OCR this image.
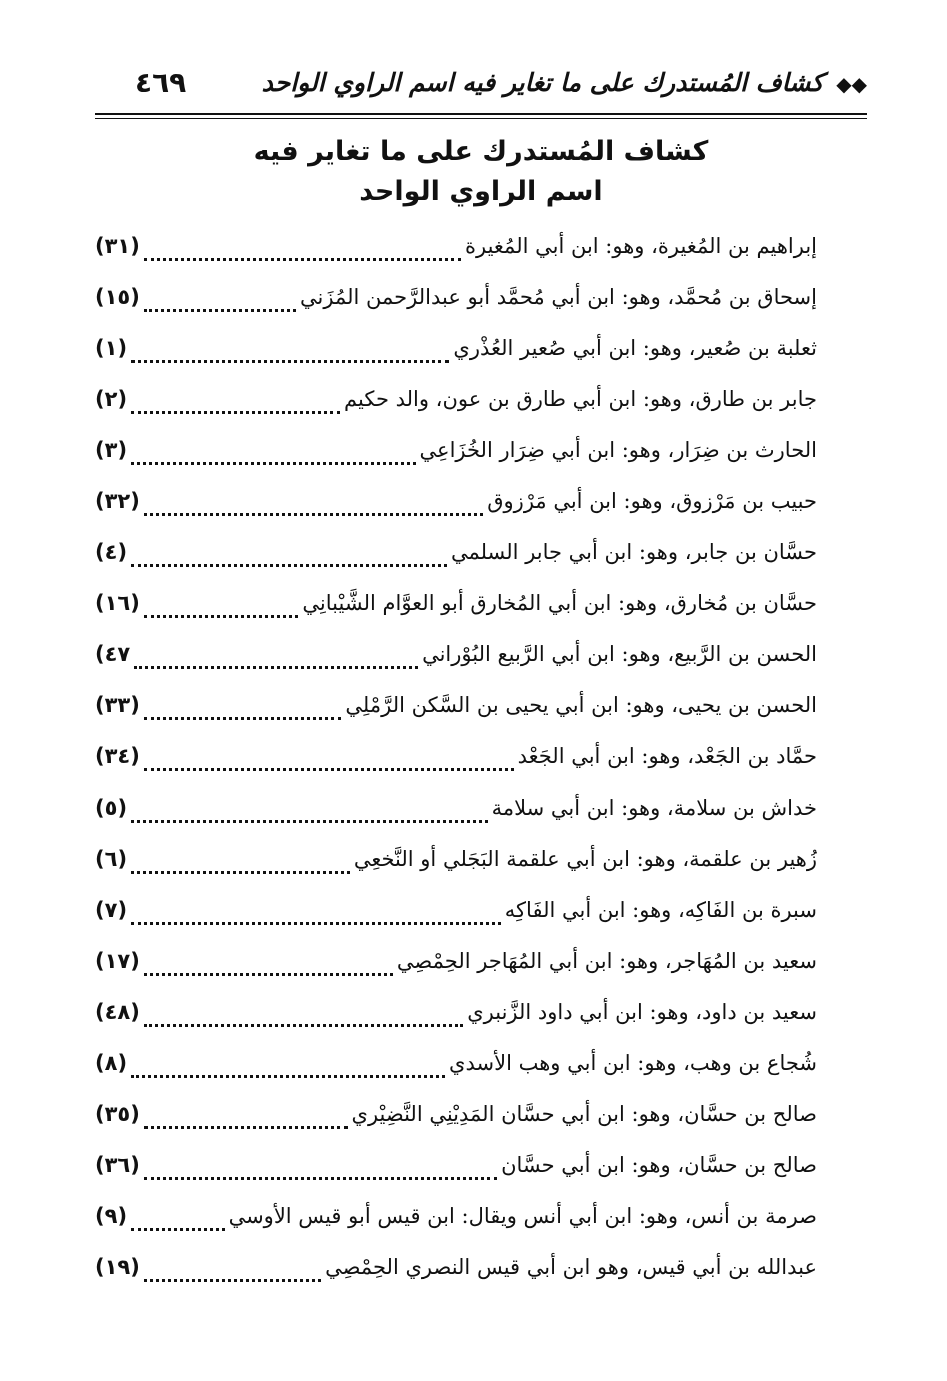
◆◆ كشاف المُستدرك على ما تغاير فيه اسم الراوي الواحد
٤٦٩
كشاف المُستدرك على ما تغاير فيه
اسم الراوي الواحد
إبراهيم بن المُغيرة، وهو: ابن أبي المُغيرة
(٣١)
إسحاق بن مُحمَّد، وهو: ابن أبي مُحمَّد أبو عبدالرَّحمن المُزَني
(١٥)
ثعلبة بن صُعير، وهو: ابن أبي صُعير العُذْري
(١)
جابر بن طارق، وهو: ابن أبي طارق بن عون، والد حكيم
(٢)
الحارث بن ضِرَار، وهو: ابن أبي ضِرَار الخُزَاعِي
(٣)
حبيب بن مَرْزوق، وهو: ابن أبي مَرْزوق
(٣٢)
حسَّان بن جابر، وهو: ابن أبي جابر السلمي
(٤)
حسَّان بن مُخارق، وهو: ابن أبي المُخارق أبو العوَّام الشَّيْبانِي
(١٦)
الحسن بن الرَّبيع، وهو: ابن أبي الرَّبيع البُوْراني
٤٧)
الحسن بن يحيى، وهو: ابن أبي يحيى بن السَّكن الرَّمْلِي
(٣٣)
حمَّاد بن الجَعْد، وهو: ابن أبي الجَعْد
(٣٤)
خداش بن سلامة، وهو: ابن أبي سلامة
(٥)
زُهير بن علقمة، وهو: ابن أبي علقمة البَجَلي أو النَّخعِي
(٦)
سبرة بن الفَاكِه، وهو: ابن أبي الفَاكِه
(٧)
سعيد بن المُهَاجر، وهو: ابن أبي المُهَاجر الحِمْصِي
(١٧)
سعيد بن داود، وهو: ابن أبي داود الزَّنبري
(٤٨)
شُجاع بن وهب، وهو: ابن أبي وهب الأسدي
(٨)
صالح بن حسَّان، وهو: ابن أبي حسَّان المَدِيْنِي النَّضِيْري
(٣٥)
صالح بن حسَّان، وهو: ابن أبي حسَّان
(٣٦)
صرمة بن أنس، وهو: ابن أبي أنس ويقال: ابن قيس أبو قيس الأوسي
(٩)
عبدالله بن أبي قيس، وهو ابن أبي قيس النصري الحِمْصِي
(١٩)
